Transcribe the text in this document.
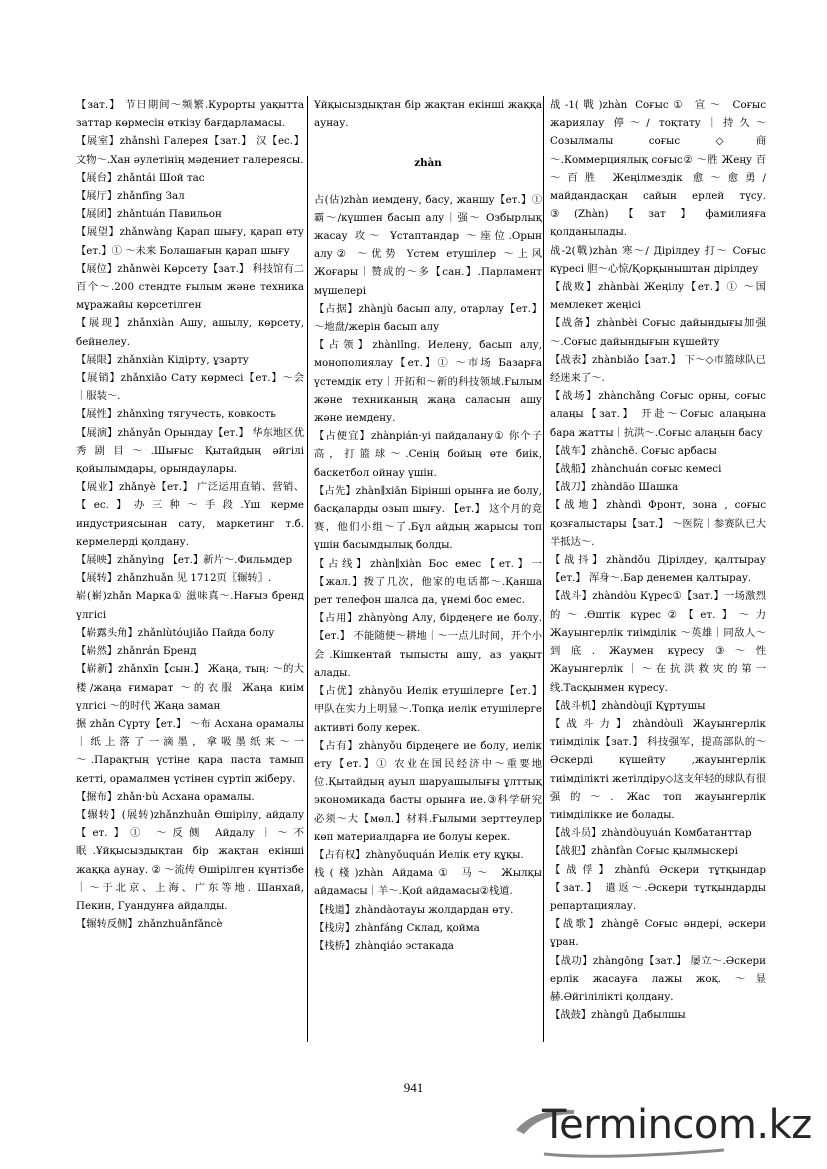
【зат.】 节日期间～频繁.Курорты уақытта заттар көрмесін өткізу бағдарламасы.

【展室】zhǎnshì Галерея【зат.】 汉【ес.】文物～.Хан әулетінің мәдениет галереясы.

【展台】zhǎntái Шой тас

【展厅】zhǎnfīng Зал

【展团】zhǎntuán Павильон

【展望】zhǎnwàng Қарап шығу, қарап өту【ет.】① ～未来 Болашағын қарап шығу

【展位】zhǎnwèi Көрсету【зат.】 科技馆有二百个～.200 стендте ғылым және техника мұражайы көрсетілген

【展现】zhǎnxiàn Ашу, ашылу, көрсету, бейнелеу.

【展限】zhǎnxiàn Кідірту, ұзарту

【展销】zhǎnxiāo Сату көрмесі【ет.】～会｜服装～.

【展性】zhǎnxìng тягучесть, ковкость

【展演】zhǎnyǎn Орындау【ет.】 华东地区优秀剧目～.Шығыс Қытайдың әйгілі қойылымдары, орындаулары.

【展业】zhǎnyè【ет.】 广泛运用直销、营销、【ес.】办三种～手段.Үш керме индустриясынан сату, маркетинг т.б. кермелерді қолдану.

【展映】zhǎnyìng 【ет.】新片～.Фильмдер

【展转】zhǎnzhuǎn 见 1712页〖辗转〗.

崭(嶄)zhǎn Марка① 滋味真～.Нағыз бренд үлгісі

【崭露头角】zhǎnlùtóujiǎo Пайда болу

【崭然】zhǎnrán Бренд

【崭新】zhǎnxīn【сын.】 Жаңа, тың: ～的大楼/жаңа ғимарат ～的衣服 Жаңа киім үлгісі ～的时代 Жаңа заман

搌 zhǎn Сүрту【ет.】 ～布 Асхана орамалы｜纸上落了一滴墨，拿吸墨纸来～一～.Парақтың үстіне қара паста тамып кетті, орамалмен үстінен сүртіп жіберу.

【搌布】zhǎn·bù Асхана орамалы.

【辗转】(展转)zhǎnzhuǎn Өшірілу, айдалу【ет.】① ～反侧 Айдалу｜～不眠.Ұйқысыздықтан бір жақтан екінші жаққа аунау. ② ～流传 Өшірілген күнтізбе｜～于北京、上海、广东等地. Шанхай, Пекин, Гуандунға айдалды.

【辗转反侧】zhǎnzhuǎnfǎncè

Ұйқысыздықтан бір жақтан екінші жаққа аунау.

zhàn

占(佔)zhàn иемдену, басу, жаншу【ет.】① 霸～/күшпен басып алу｜强～ Озбырлық жасау 攻～ Ұстаптандар ～座位.Орын алу② ～优势 Үстем етушілер ～上风 Жоғары｜赞成的～多【сан.】.Парламент мүшелері

【占据】zhànjù басып алу, отарлау【ет.】 ～地盘/жерін басып алу

【占领】zhànlǐng. Иелену, басып алу, монополиялау【ет.】① ～市场 Базарға үстемдік ету｜开拓和～新的科技领域.Ғылым және техниканың жаңа саласын ашу және иемдену.

【占便宜】zhànpián·yi пайдалану① 你个子高，打篮球～.Сенің бойың өте биік, баскетбол ойнау үшін.

【占先】zhàn∥xiān Бірінші орынға ие болу, басқаларды озып шығу. 【ет.】 这个月的竞赛，他们小组～了.Бұл айдың жарысы топ үшін басымдылық болды.

【占线】zhàn∥xiàn Бос емес【ет.】一【жал.】拨了几次，他家的电话都～.Қанша рет телефон шалса да, үнемі бос емес.

【占用】zhànyòng Алу, бірдеңеге ие болу.【ет.】 不能随便～耕地｜～一点儿时间，开个小会.Кішкентай тыпысты ашу, аз уақыт алады.

【占优】zhànyōu Иелік етушілерге【ет.】 甲队在实力上明显～.Топқа иелік етушілерге активті болу керек.

【占有】zhànyǒu бірдеңеге ие болу, иелік ету【ет.】① 农业在国民经济中～重要地位.Қытайдың ауыл шаруашылығы ұлттық экономикада басты орынға ие.③科学研究必须～大【мөл.】材料.Ғылыми зерттеулер көп материалдарға ие болуы керек.

【占有权】zhànyǒuquán Иелік ету құқы.

栈(棧)zhàn Айдама① 马～ Жылқы айдамасы｜羊～.Қой айдамасы②栈道.

【栈道】zhàndàoтауы жолдардан өту.

【栈房】zhànfáng Склад, қойма

【栈桥】zhànqiáo эстакада

战-1(戰)zhàn Соғыс① 宣～ Соғыс жариялау 停～/ тоқтату｜持久～ Созылмалы соғыс ◇商～.Коммерциялық соғыс② ～胜 Жеңу 百～百胜 Жеңілмездік 愈～愈勇/майдандасқан сайын ерлей түсу. ③(Zhàn)【зат】фамилияға қолданылады.

战-2(戰)zhàn 寒～/ Дірілдеу 打～ Соғыс күресі 胆～心惊/Қорқыныштан дірілдеу

【战败】zhànbài Жеңілу【ет.】① ～国 мемлекет жеңісі

【战备】zhànbèi Соғыс дайындығы加强～.Соғыс дайындығын күшейту

【战表】zhànbiǎo【зат.】 下～◇市篮球队已经迷来了～.

【战场】zhànchǎng Соғыс орны, соғыс алаңы【зат.】 开赴～Соғыс алаңына бара жатты｜抗洪～.Соғыс алаңын басу

【战车】zhànchē. Соғыс арбасы

【战船】zhànchuán соғыс кемесі

【战刀】zhàndāo Шашка

【战地】zhàndì Фронт, зона , соғыс қозғалыстары【зат.】 ～医院｜参赛队已大半抵达～.

【战抖】zhàndǒu Дірілдеу, қалтырау【ет.】 浑身～.Бар денемен қалтырау.

【战斗】zhàndòu Күрес①【зат.】一场激烈的～.Өштік күрес②【ет.】～力 Жауынгерлік тиімділік ～英雄｜同敌人～到底. Жаумен күресу③～性 Жауынгерлік｜～在抗洪救灾的第一线.Тасқынмен күресу.

【战斗机】zhàndòujī Құртушы

【战斗力】zhàndòulì Жауынгерлік тиімділік【зат.】 科技强军，提高部队的～ Әскерді күшейту ,жауынгерлік тиімділікті жетілдіру◇这支年轻的球队有很强的～. Жас топ жауынгерлік тиімділікке ие болады.

【战斗员】zhàndòuyuán Комбатанттар

【战犯】zhànfàn Соғыс қылмыскері

【战俘】zhànfú Әскери тұтқындар【зат.】 遣返～.Әскери тұтқындарды репартациялау.

【战歌】zhàngē Соғыс әндерi, әскери ұран.

【战功】zhàngōng【зат.】 屡立～.Әскери ерлік жасауға лажы жоқ. ～显赫.Әйгілілікті қолдану.

【战鼓】zhàngǔ Дабылшы

941
Termincom.kz
